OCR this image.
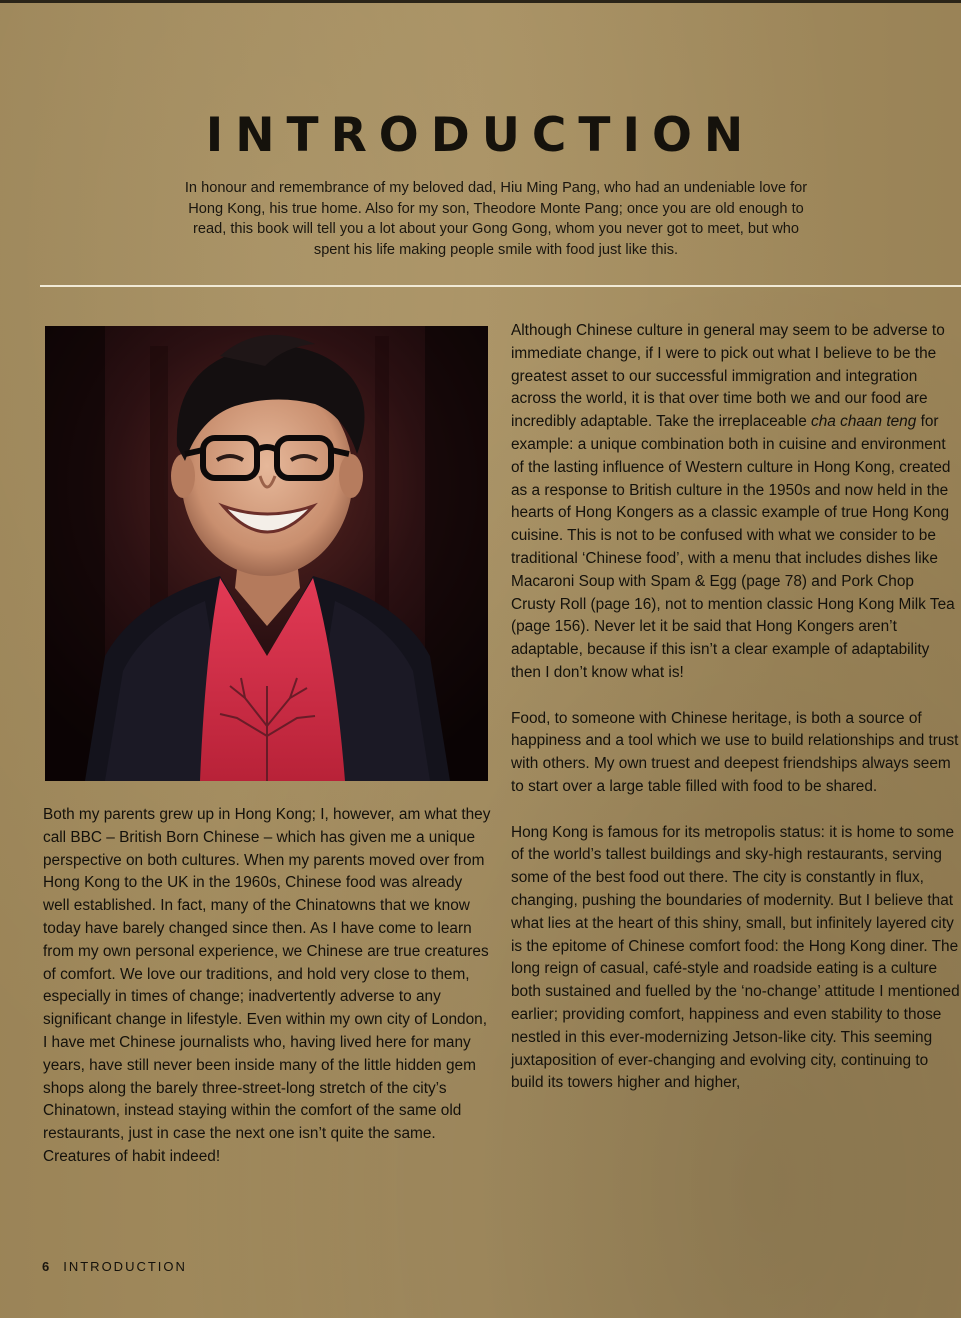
INTRODUCTION

In honour and remembrance of my beloved dad, Hiu Ming Pang, who had an undeniable love for Hong Kong, his true home. Also for my son, Theodore Monte Pang; once you are old enough to read, this book will tell you a lot about your Gong Gong, whom you never got to meet, but who spent his life making people smile with food just like this.

Although Chinese culture in general may seem to be adverse to immediate change, if I were to pick out what I believe to be the greatest asset to our successful immigration and integration across the world, it is that over time both we and our food are incredibly adaptable. Take the irreplaceable cha chaan teng for example: a unique combination both in cuisine and environment of the lasting influence of Western culture in Hong Kong, created as a response to British culture in the 1950s and now held in the hearts of Hong Kongers as a classic example of true Hong Kong cuisine. This is not to be confused with what we consider to be traditional ‘Chinese food’, with a menu that includes dishes like Macaroni Soup with Spam & Egg (page 78) and Pork Chop Crusty Roll (page 16), not to mention classic Hong Kong Milk Tea (page 156). Never let it be said that Hong Kongers aren’t adaptable, because if this isn’t a clear example of adaptability then I don’t know what is!

Food, to someone with Chinese heritage, is both a source of happiness and a tool which we use to build relationships and trust with others. My own truest and deepest friendships always seem to start over a large table filled with food to be shared.

Hong Kong is famous for its metropolis status: it is home to some of the world’s tallest buildings and sky-high restaurants, serving some of the best food out there. The city is constantly in flux, changing, pushing the boundaries of modernity. But I believe that what lies at the heart of this shiny, small, but infinitely layered city is the epitome of Chinese comfort food: the Hong Kong diner. The long reign of casual, café-style and roadside eating is a culture both sustained and fuelled by the ‘no-change’ attitude I mentioned earlier; providing comfort, happiness and even stability to those nestled in this ever-modernizing Jetson-like city. This seeming juxtaposition of ever-changing and evolving city, continuing to build its towers higher and higher,

Both my parents grew up in Hong Kong; I, however, am what they call BBC – British Born Chinese – which has given me a unique perspective on both cultures. When my parents moved over from Hong Kong to the UK in the 1960s, Chinese food was already well established. In fact, many of the Chinatowns that we know today have barely changed since then. As I have come to learn from my own personal experience, we Chinese are true creatures of comfort. We love our traditions, and hold very close to them, especially in times of change; inadvertently adverse to any significant change in lifestyle. Even within my own city of London, I have met Chinese journalists who, having lived here for many years, have still never been inside many of the little hidden gem shops along the barely three-street-long stretch of the city’s Chinatown, instead staying within the comfort of the same old restaurants, just in case the next one isn’t quite the same. Creatures of habit indeed!

6 INTRODUCTION
